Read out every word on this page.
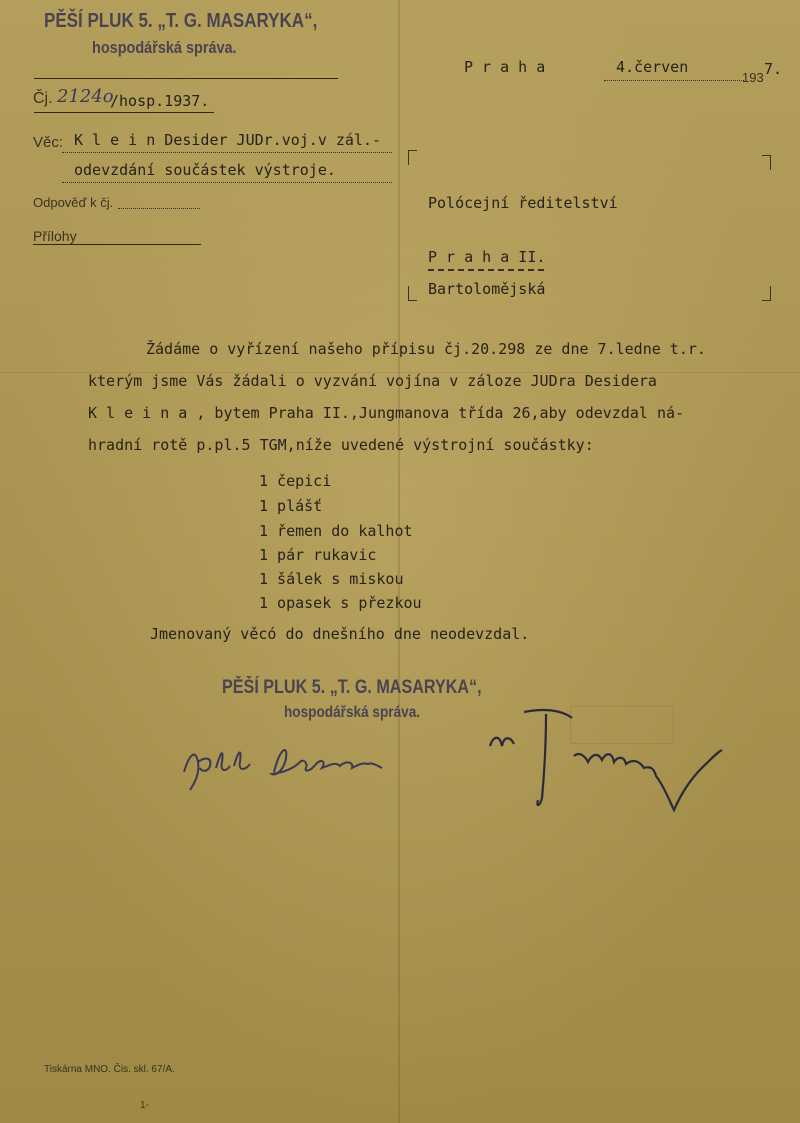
PĚŠÍ PLUK 5. „T. G. MASARYKA“,
hospodářská správa.
P r a h a	4.červen
193 7.
Čj. 2124o
/hosp.1937.
Věc: K l e i n Desider JUDr.voj.v zál.-
odevzdání součástek výstroje.
Odpověď k čj.
Přílohy
Polócejní ředitelství
P r a h a II.
Bartolomějská
Žádáme o vyřízení našeho přípisu čj.20.298 ze dne 7.ledne t.r.
kterým jsme Vás žádali o vyzvání vojína v záloze JUDra Desidera
K l e i n a , bytem Praha II.,Jungmanova třída 26,aby odevzdal ná-
hradní rotě p.pl.5 TGM,níže uvedené výstrojní součástky:
1 čepici
1 plášť
1 řemen do kalhot
1 pár rukavic
1 šálek s miskou
1 opasek s přezkou
Jmenovaný věcó do dnešního dne neodevzdal.
PĚŠÍ PLUK 5. „T. G. MASARYKA“,
hospodářská správa.
Tiskárna MNO. Čis. skl. 67/A.
1-
